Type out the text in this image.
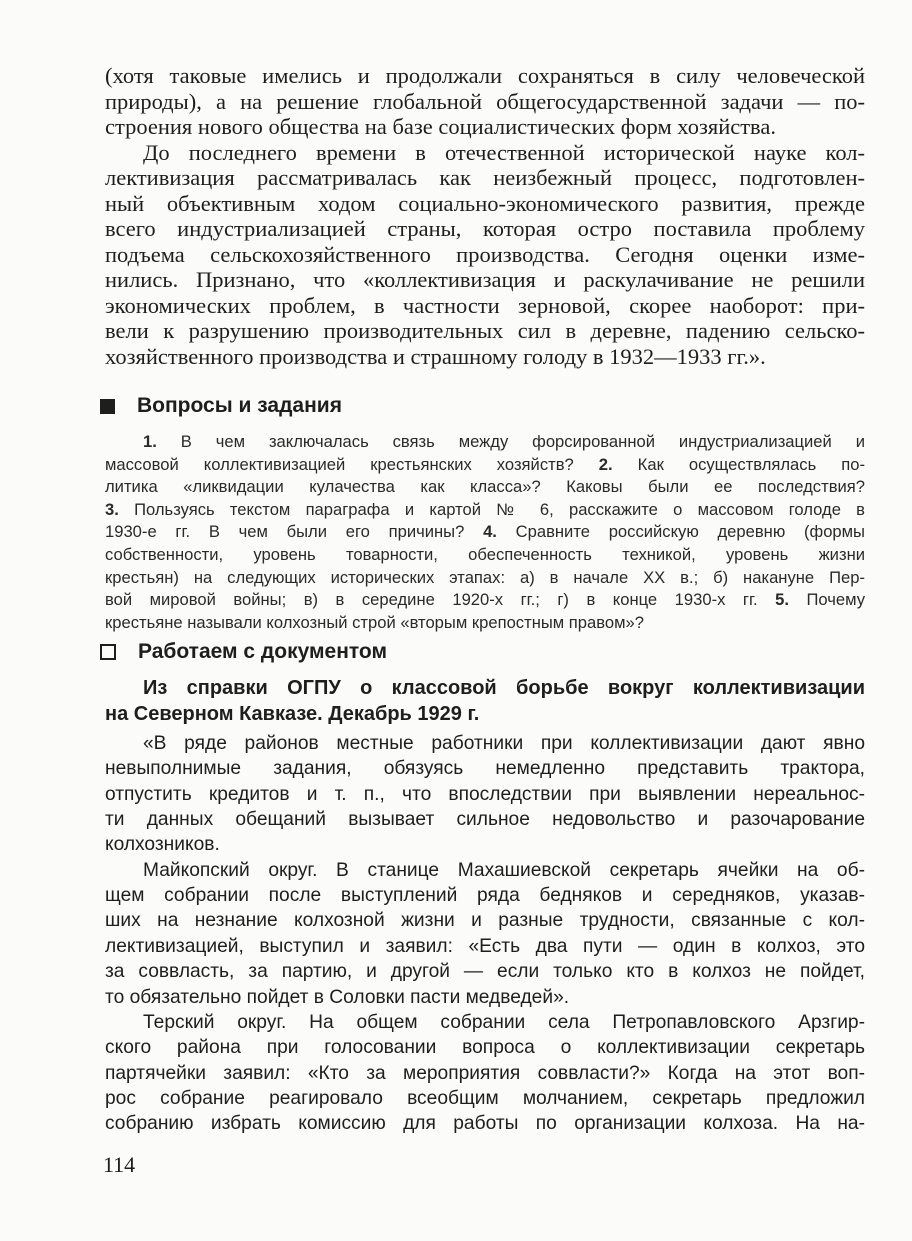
(хотя таковые имелись и продолжали сохраняться в силу человеческой
природы), а на решение глобальной общегосударственной задачи — по-
строения нового общества на базе социалистических форм хозяйства.
До последнего времени в отечественной исторической науке кол-
лективизация рассматривалась как неизбежный процесс, подготовлен-
ный объективным ходом социально-экономического развития, прежде
всего индустриализацией страны, которая остро поставила проблему
подъема сельскохозяйственного производства. Сегодня оценки изме-
нились. Признано, что «коллективизация и раскулачивание не решили
экономических проблем, в частности зерновой, скорее наоборот: при-
вели к разрушению производительных сил в деревне, падению сельско-
хозяйственного производства и страшному голоду в 1932—1933 гг.».
Вопросы и задания
1. В чем заключалась связь между форсированной индустриализацией и
массовой коллективизацией крестьянских хозяйств? 2. Как осуществлялась по-
литика «ликвидации кулачества как класса»? Каковы были ее последствия?
3. Пользуясь текстом параграфа и картой № 6, расскажите о массовом голоде в
1930-е гг. В чем были его причины? 4. Сравните российскую деревню (формы
собственности, уровень товарности, обеспеченность техникой, уровень жизни
крестьян) на следующих исторических этапах: а) в начале XX в.; б) накануне Пер-
вой мировой войны; в) в середине 1920-х гг.; г) в конце 1930-х гг. 5. Почему
крестьяне называли колхозный строй «вторым крепостным правом»?
Работаем с документом
Из справки ОГПУ о классовой борьбе вокруг коллективизации
на Северном Кавказе. Декабрь 1929 г.
«В ряде районов местные работники при коллективизации дают явно
невыполнимые задания, обязуясь немедленно представить трактора,
отпустить кредитов и т. п., что впоследствии при выявлении нереальнос-
ти данных обещаний вызывает сильное недовольство и разочарование
колхозников.
Майкопский округ. В станице Махашиевской секретарь ячейки на об-
щем собрании после выступлений ряда бедняков и середняков, указав-
ших на незнание колхозной жизни и разные трудности, связанные с кол-
лективизацией, выступил и заявил: «Есть два пути — один в колхоз, это
за соввласть, за партию, и другой — если только кто в колхоз не пойдет,
то обязательно пойдет в Соловки пасти медведей».
Терский округ. На общем собрании села Петропавловского Арзгир-
ского района при голосовании вопроса о коллективизации секретарь
партячейки заявил: «Кто за мероприятия соввласти?» Когда на этот воп-
рос собрание реагировало всеобщим молчанием, секретарь предложил
собранию избрать комиссию для работы по организации колхоза. На на-
114
